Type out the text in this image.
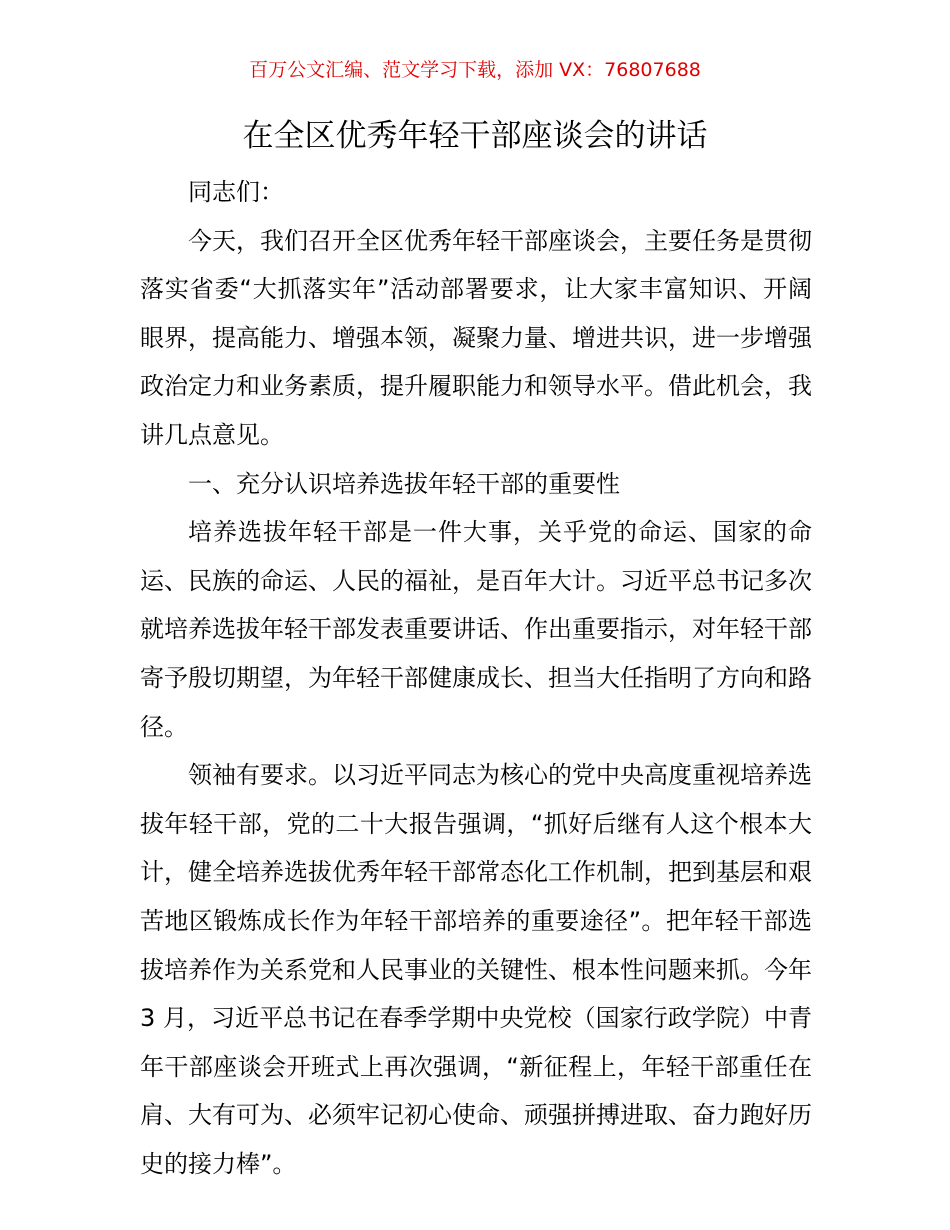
百万公文汇编、范文学习下载，添加 VX：76807688
在全区优秀年轻干部座谈会的讲话

同志们：

今天，我们召开全区优秀年轻干部座谈会，主要任务是贯彻落实省委“大抓落实年”活动部署要求，让大家丰富知识、开阔眼界，提高能力、增强本领，凝聚力量、增进共识，进一步增强政治定力和业务素质，提升履职能力和领导水平。借此机会，我讲几点意见。

一、充分认识培养选拔年轻干部的重要性

培养选拔年轻干部是一件大事，关乎党的命运、国家的命运、民族的命运、人民的福祉，是百年大计。习近平总书记多次就培养选拔年轻干部发表重要讲话、作出重要指示，对年轻干部寄予殷切期望，为年轻干部健康成长、担当大任指明了方向和路径。

领袖有要求。以习近平同志为核心的党中央高度重视培养选拔年轻干部，党的二十大报告强调，“抓好后继有人这个根本大计，健全培养选拔优秀年轻干部常态化工作机制，把到基层和艰苦地区锻炼成长作为年轻干部培养的重要途径”。把年轻干部选拔培养作为关系党和人民事业的关键性、根本性问题来抓。今年 3 月，习近平总书记在春季学期中央党校（国家行政学院）中青年干部座谈会开班式上再次强调，“新征程上，年轻干部重任在肩、大有可为、必须牢记初心使命、顽强拼搏进取、奋力跑好历史的接力棒”。
